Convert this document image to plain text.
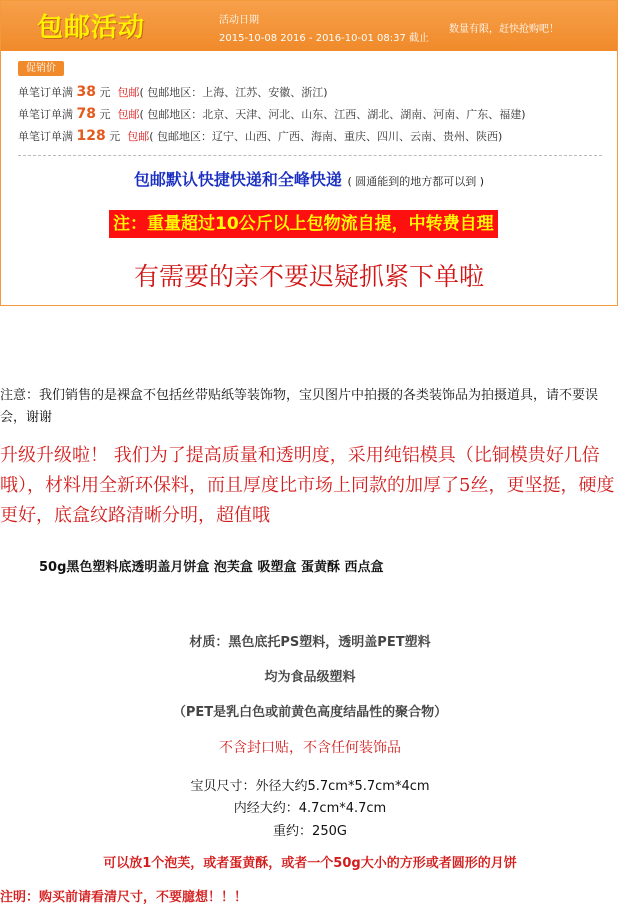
包邮活动	活动日期
2015-10-08 2016 - 2016-10-01 08:37 截止
数量有限，赶快抢购吧！
促销价
单笔订单满 38 元 包邮( 包邮地区：上海、江苏、安徽、浙江)
单笔订单满 78 元 包邮( 包邮地区：北京、天津、河北、山东、江西、湖北、湖南、河南、广东、福建)
单笔订单满 128 元 包邮( 包邮地区：辽宁、山西、广西、海南、重庆、四川、云南、贵州、陕西)
包邮默认快捷快递和全峰快递 ( 圆通能到的地方都可以到 )
注：重量超过10公斤以上包物流自提，中转费自理
有需要的亲不要迟疑抓紧下单啦
注意：我们销售的是裸盒不包括丝带贴纸等装饰物，宝贝图片中拍摄的各类装饰品为拍摄道具，请不要误会，谢谢
升级升级啦！ 我们为了提高质量和透明度，采用纯铝模具（比铜模贵好几倍哦），材料用全新环保料，而且厚度比市场上同款的加厚了5丝，更坚挺，硬度更好，底盒纹路清晰分明，超值哦
50g黑色塑料底透明盖月饼盒 泡芙盒 吸塑盒 蛋黄酥 西点盒
材质：黑色底托PS塑料，透明盖PET塑料
均为食品级塑料
（PET是乳白色或前黄色高度结晶性的聚合物）
不含封口贴，不含任何装饰品
宝贝尺寸：外径大约5.7cm*5.7cm*4cm
内经大约：4.7cm*4.7cm
重约：250G
可以放1个泡芙，或者蛋黄酥，或者一个50g大小的方形或者圆形的月饼
注明：购买前请看清尺寸，不要臆想！！！
